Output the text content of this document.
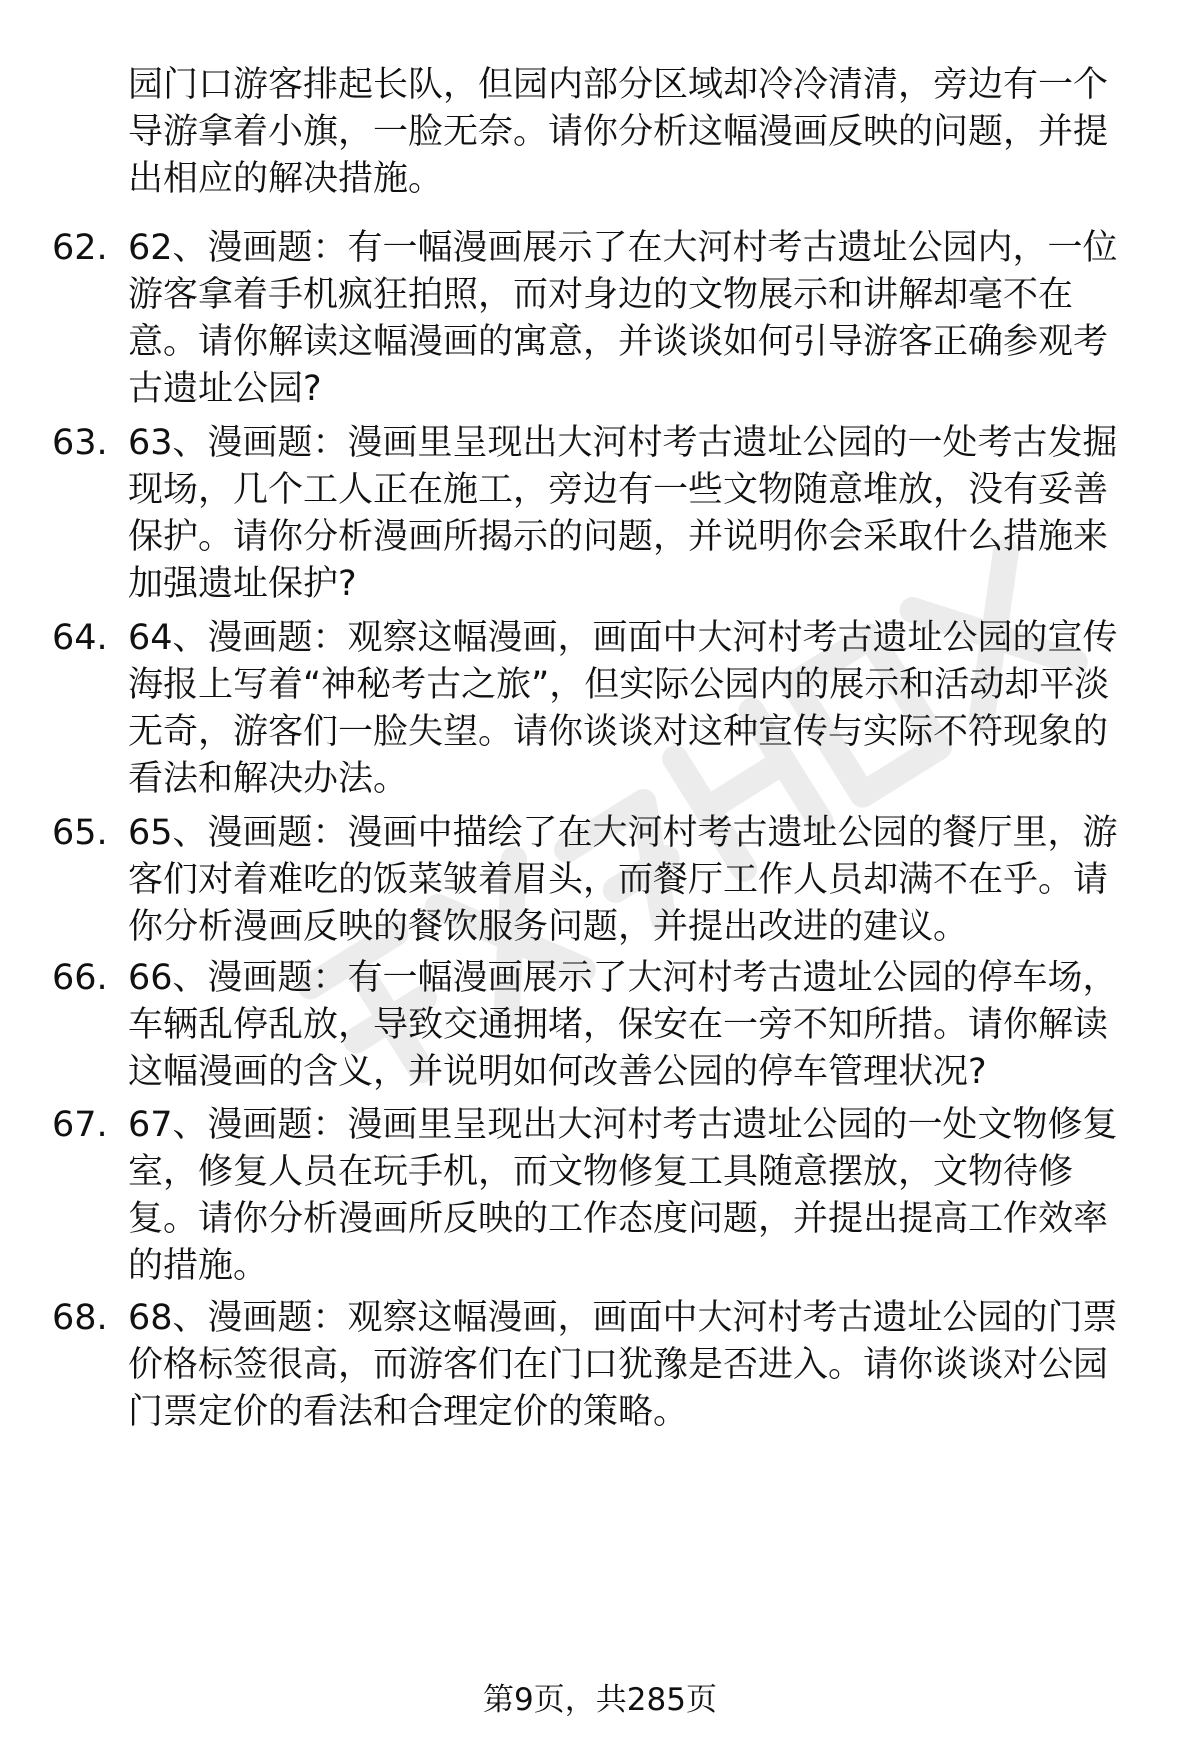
园门口游客排起长队，但园内部分区域却冷冷清清，旁边有一个导游拿着小旗，一脸无奈。请你分析这幅漫画反映的问题，并提出相应的解决措施。
62. 62、漫画题：有一幅漫画展示了在大河村考古遗址公园内，一位游客拿着手机疯狂拍照，而对身边的文物展示和讲解却毫不在意。请你解读这幅漫画的寓意，并谈谈如何引导游客正确参观考古遗址公园?
63. 63、漫画题：漫画里呈现出大河村考古遗址公园的一处考古发掘现场，几个工人正在施工，旁边有一些文物随意堆放，没有妥善保护。请你分析漫画所揭示的问题，并说明你会采取什么措施来加强遗址保护?
64. 64、漫画题：观察这幅漫画，画面中大河村考古遗址公园的宣传海报上写着“神秘考古之旅”，但实际公园内的展示和活动却平淡无奇，游客们一脸失望。请你谈谈对这种宣传与实际不符现象的看法和解决办法。
65. 65、漫画题：漫画中描绘了在大河村考古遗址公园的餐厅里，游客们对着难吃的饭菜皱着眉头，而餐厅工作人员却满不在乎。请你分析漫画反映的餐饮服务问题，并提出改进的建议。
66. 66、漫画题：有一幅漫画展示了大河村考古遗址公园的停车场，车辆乱停乱放，导致交通拥堵，保安在一旁不知所措。请你解读这幅漫画的含义，并说明如何改善公园的停车管理状况?
67. 67、漫画题：漫画里呈现出大河村考古遗址公园的一处文物修复室，修复人员在玩手机，而文物修复工具随意摆放，文物待修复。请你分析漫画所反映的工作态度问题，并提出提高工作效率的措施。
68. 68、漫画题：观察这幅漫画，画面中大河村考古遗址公园的门票价格标签很高，而游客们在门口犹豫是否进入。请你谈谈对公园门票定价的看法和合理定价的策略。
第9页，共285页
